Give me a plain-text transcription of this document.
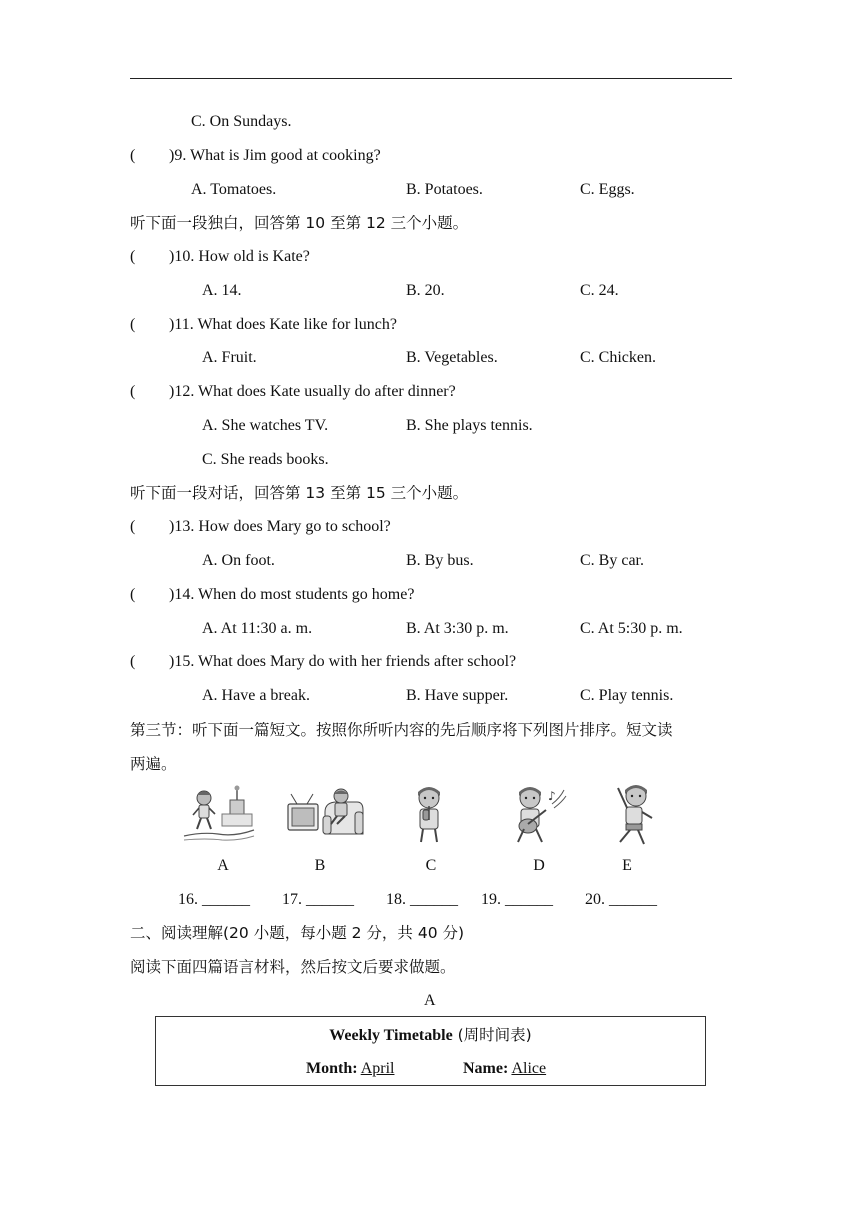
C. On Sundays.
( )9. What is Jim good at cooking?
A. Tomatoes.	B. Potatoes.	C. Eggs.
听下面一段独白，回答第 10 至第 12 三个小题。
( )10. How old is Kate?
A. 14.	B. 20.	C. 24.
( )11. What does Kate like for lunch?
A. Fruit.	B. Vegetables.	C. Chicken.
( )12. What does Kate usually do after dinner?
A. She watches TV.	B. She plays tennis.
C. She reads books.
听下面一段对话，回答第 13 至第 15 三个小题。
( )13. How does Mary go to school?
A. On foot.	B. By bus.	C. By car.
( )14. When do most students go home?
A. At 11:30 a. m.	B. At 3:30 p. m.	C. At 5:30 p. m.
( )15. What does Mary do with her friends after school?
A. Have a break.	B. Have supper.	C. Play tennis.
第三节：听下面一篇短文。按照你所听内容的先后顺序将下列图片排序。短文读
两遍。
♪
A	B	C	D	E
16. ______ 17. ______ 18. ______ 19. ______ 20. ______
二、阅读理解(20 小题，每小题 2 分，共 40 分)
阅读下面四篇语言材料，然后按文后要求做题。
A
Weekly Timetable (周时间表)
Month: April	Name: Alice
